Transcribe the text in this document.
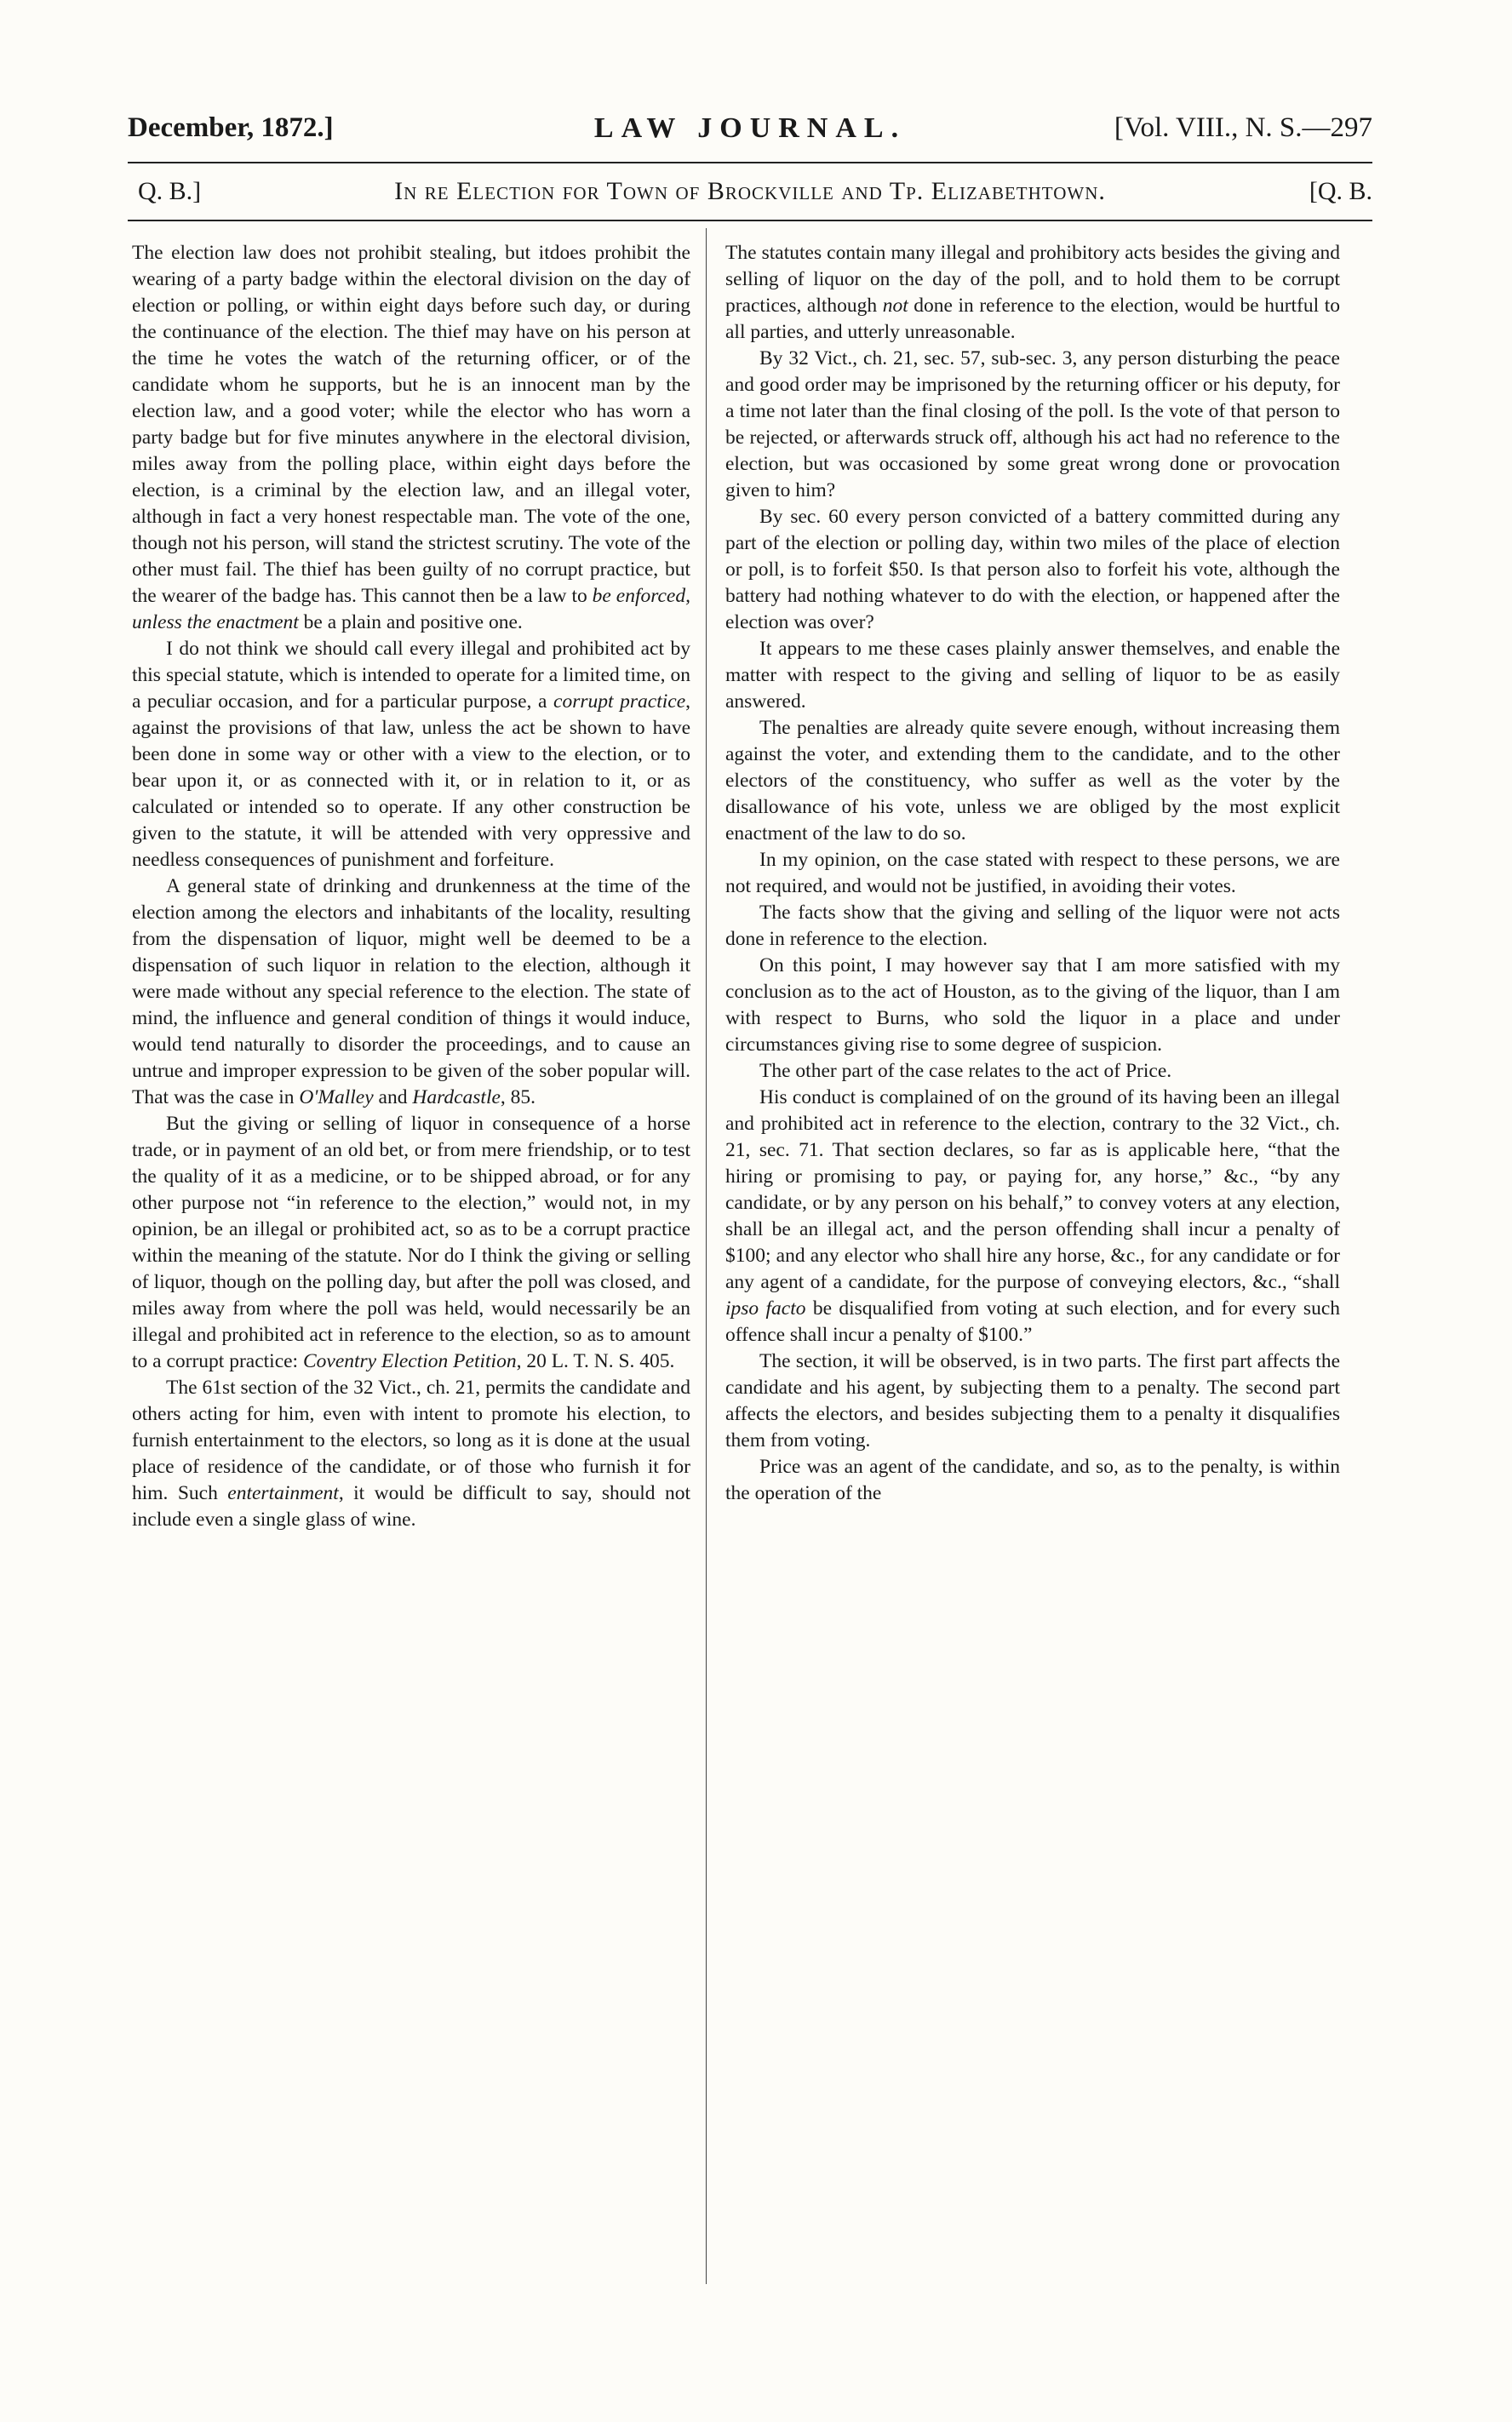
December, 1872.]	LAW JOURNAL.	[Vol. VIII., N. S.—297
Q. B.]	In re Election for Town of Brockville and Tp. Elizabethtown.	[Q. B.

The election law does not prohibit stealing, but itdoes prohibit the wearing of a party badge within the electoral division on the day of election or polling, or within eight days before such day, or during the continuance of the election. The thief may have on his person at the time he votes the watch of the returning officer, or of the candidate whom he supports, but he is an innocent man by the election law, and a good voter; while the elector who has worn a party badge but for five minutes anywhere in the electoral division, miles away from the polling place, within eight days before the election, is a criminal by the election law, and an illegal voter, although in fact a very honest respectable man. The vote of the one, though not his person, will stand the strictest scrutiny. The vote of the other must fail. The thief has been guilty of no corrupt practice, but the wearer of the badge has. This cannot then be a law to be enforced, unless the enactment be a plain and positive one.

I do not think we should call every illegal and prohibited act by this special statute, which is intended to operate for a limited time, on a peculiar occasion, and for a particular purpose, a corrupt practice, against the provisions of that law, unless the act be shown to have been done in some way or other with a view to the election, or to bear upon it, or as connected with it, or in relation to it, or as calculated or intended so to operate. If any other construction be given to the statute, it will be attended with very oppressive and needless consequences of punishment and forfeiture.

A general state of drinking and drunkenness at the time of the election among the electors and inhabitants of the locality, resulting from the dispensation of liquor, might well be deemed to be a dispensation of such liquor in relation to the election, although it were made without any special reference to the election. The state of mind, the influence and general condition of things it would induce, would tend naturally to disorder the proceedings, and to cause an untrue and improper expression to be given of the sober popular will. That was the case in O'Malley and Hardcastle, 85.

But the giving or selling of liquor in consequence of a horse trade, or in payment of an old bet, or from mere friendship, or to test the quality of it as a medicine, or to be shipped abroad, or for any other purpose not “in reference to the election,” would not, in my opinion, be an illegal or prohibited act, so as to be a corrupt practice within the meaning of the statute. Nor do I think the giving or selling of liquor, though on the polling day, but after the poll was closed, and miles away from where the poll was held, would necessarily be an illegal and prohibited act in reference to the election, so as to amount to a corrupt practice: Coventry Election Petition, 20 L. T. N. S. 405.

The 61st section of the 32 Vict., ch. 21, permits the candidate and others acting for him, even with intent to promote his election, to furnish entertainment to the electors, so long as it is done at the usual place of residence of the candidate, or of those who furnish it for him. Such entertainment, it would be difficult to say, should not include even a single glass of wine.

The statutes contain many illegal and prohibitory acts besides the giving and selling of liquor on the day of the poll, and to hold them to be corrupt practices, although not done in reference to the election, would be hurtful to all parties, and utterly unreasonable.

By 32 Vict., ch. 21, sec. 57, sub-sec. 3, any person disturbing the peace and good order may be imprisoned by the returning officer or his deputy, for a time not later than the final closing of the poll. Is the vote of that person to be rejected, or afterwards struck off, although his act had no reference to the election, but was occasioned by some great wrong done or provocation given to him?

By sec. 60 every person convicted of a battery committed during any part of the election or polling day, within two miles of the place of election or poll, is to forfeit $50. Is that person also to forfeit his vote, although the battery had nothing whatever to do with the election, or happened after the election was over?

It appears to me these cases plainly answer themselves, and enable the matter with respect to the giving and selling of liquor to be as easily answered.

The penalties are already quite severe enough, without increasing them against the voter, and extending them to the candidate, and to the other electors of the constituency, who suffer as well as the voter by the disallowance of his vote, unless we are obliged by the most explicit enactment of the law to do so.

In my opinion, on the case stated with respect to these persons, we are not required, and would not be justified, in avoiding their votes.

The facts show that the giving and selling of the liquor were not acts done in reference to the election.

On this point, I may however say that I am more satisfied with my conclusion as to the act of Houston, as to the giving of the liquor, than I am with respect to Burns, who sold the liquor in a place and under circumstances giving rise to some degree of suspicion.

The other part of the case relates to the act of Price.

His conduct is complained of on the ground of its having been an illegal and prohibited act in reference to the election, contrary to the 32 Vict., ch. 21, sec. 71. That section declares, so far as is applicable here, “that the hiring or promising to pay, or paying for, any horse,” &c., “by any candidate, or by any person on his behalf,” to convey voters at any election, shall be an illegal act, and the person offending shall incur a penalty of $100; and any elector who shall hire any horse, &c., for any candidate or for any agent of a candidate, for the purpose of conveying electors, &c., “shall ipso facto be disqualified from voting at such election, and for every such offence shall incur a penalty of $100.”

The section, it will be observed, is in two parts. The first part affects the candidate and his agent, by subjecting them to a penalty. The second part affects the electors, and besides subjecting them to a penalty it disqualifies them from voting.

Price was an agent of the candidate, and so, as to the penalty, is within the operation of the
